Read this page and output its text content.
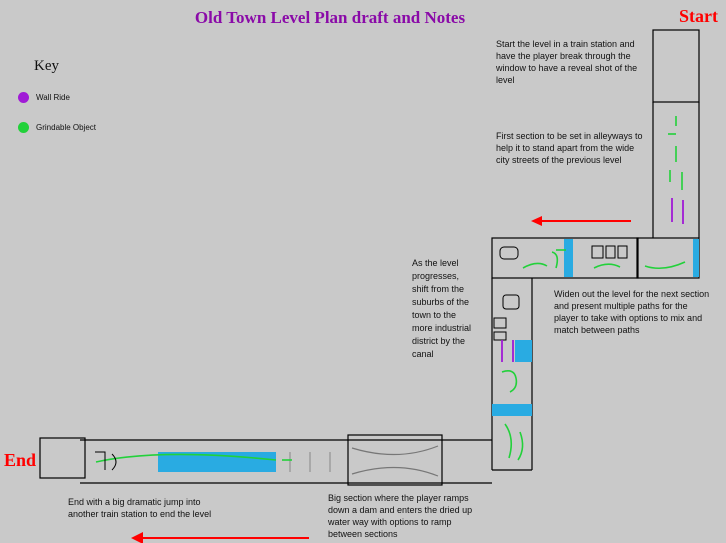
Old Town Level Plan draft and Notes	Start
End
Key
Wall Ride
Grindable Object
Start the level in a train station and have the player break through the window to have a reveal shot of the level
First section to be set in alleyways to help it to stand apart from the wide city streets of the previous level
Widen out the level for the next section and present multiple paths for the player to take with options to mix and match between paths
As the level progresses, shift from the suburbs of the town to the more industrial district by the canal
Big section where the player ramps down a dam and enters the dried up water way with options to ramp between sections
End with a big dramatic jump into another train station to end the level
